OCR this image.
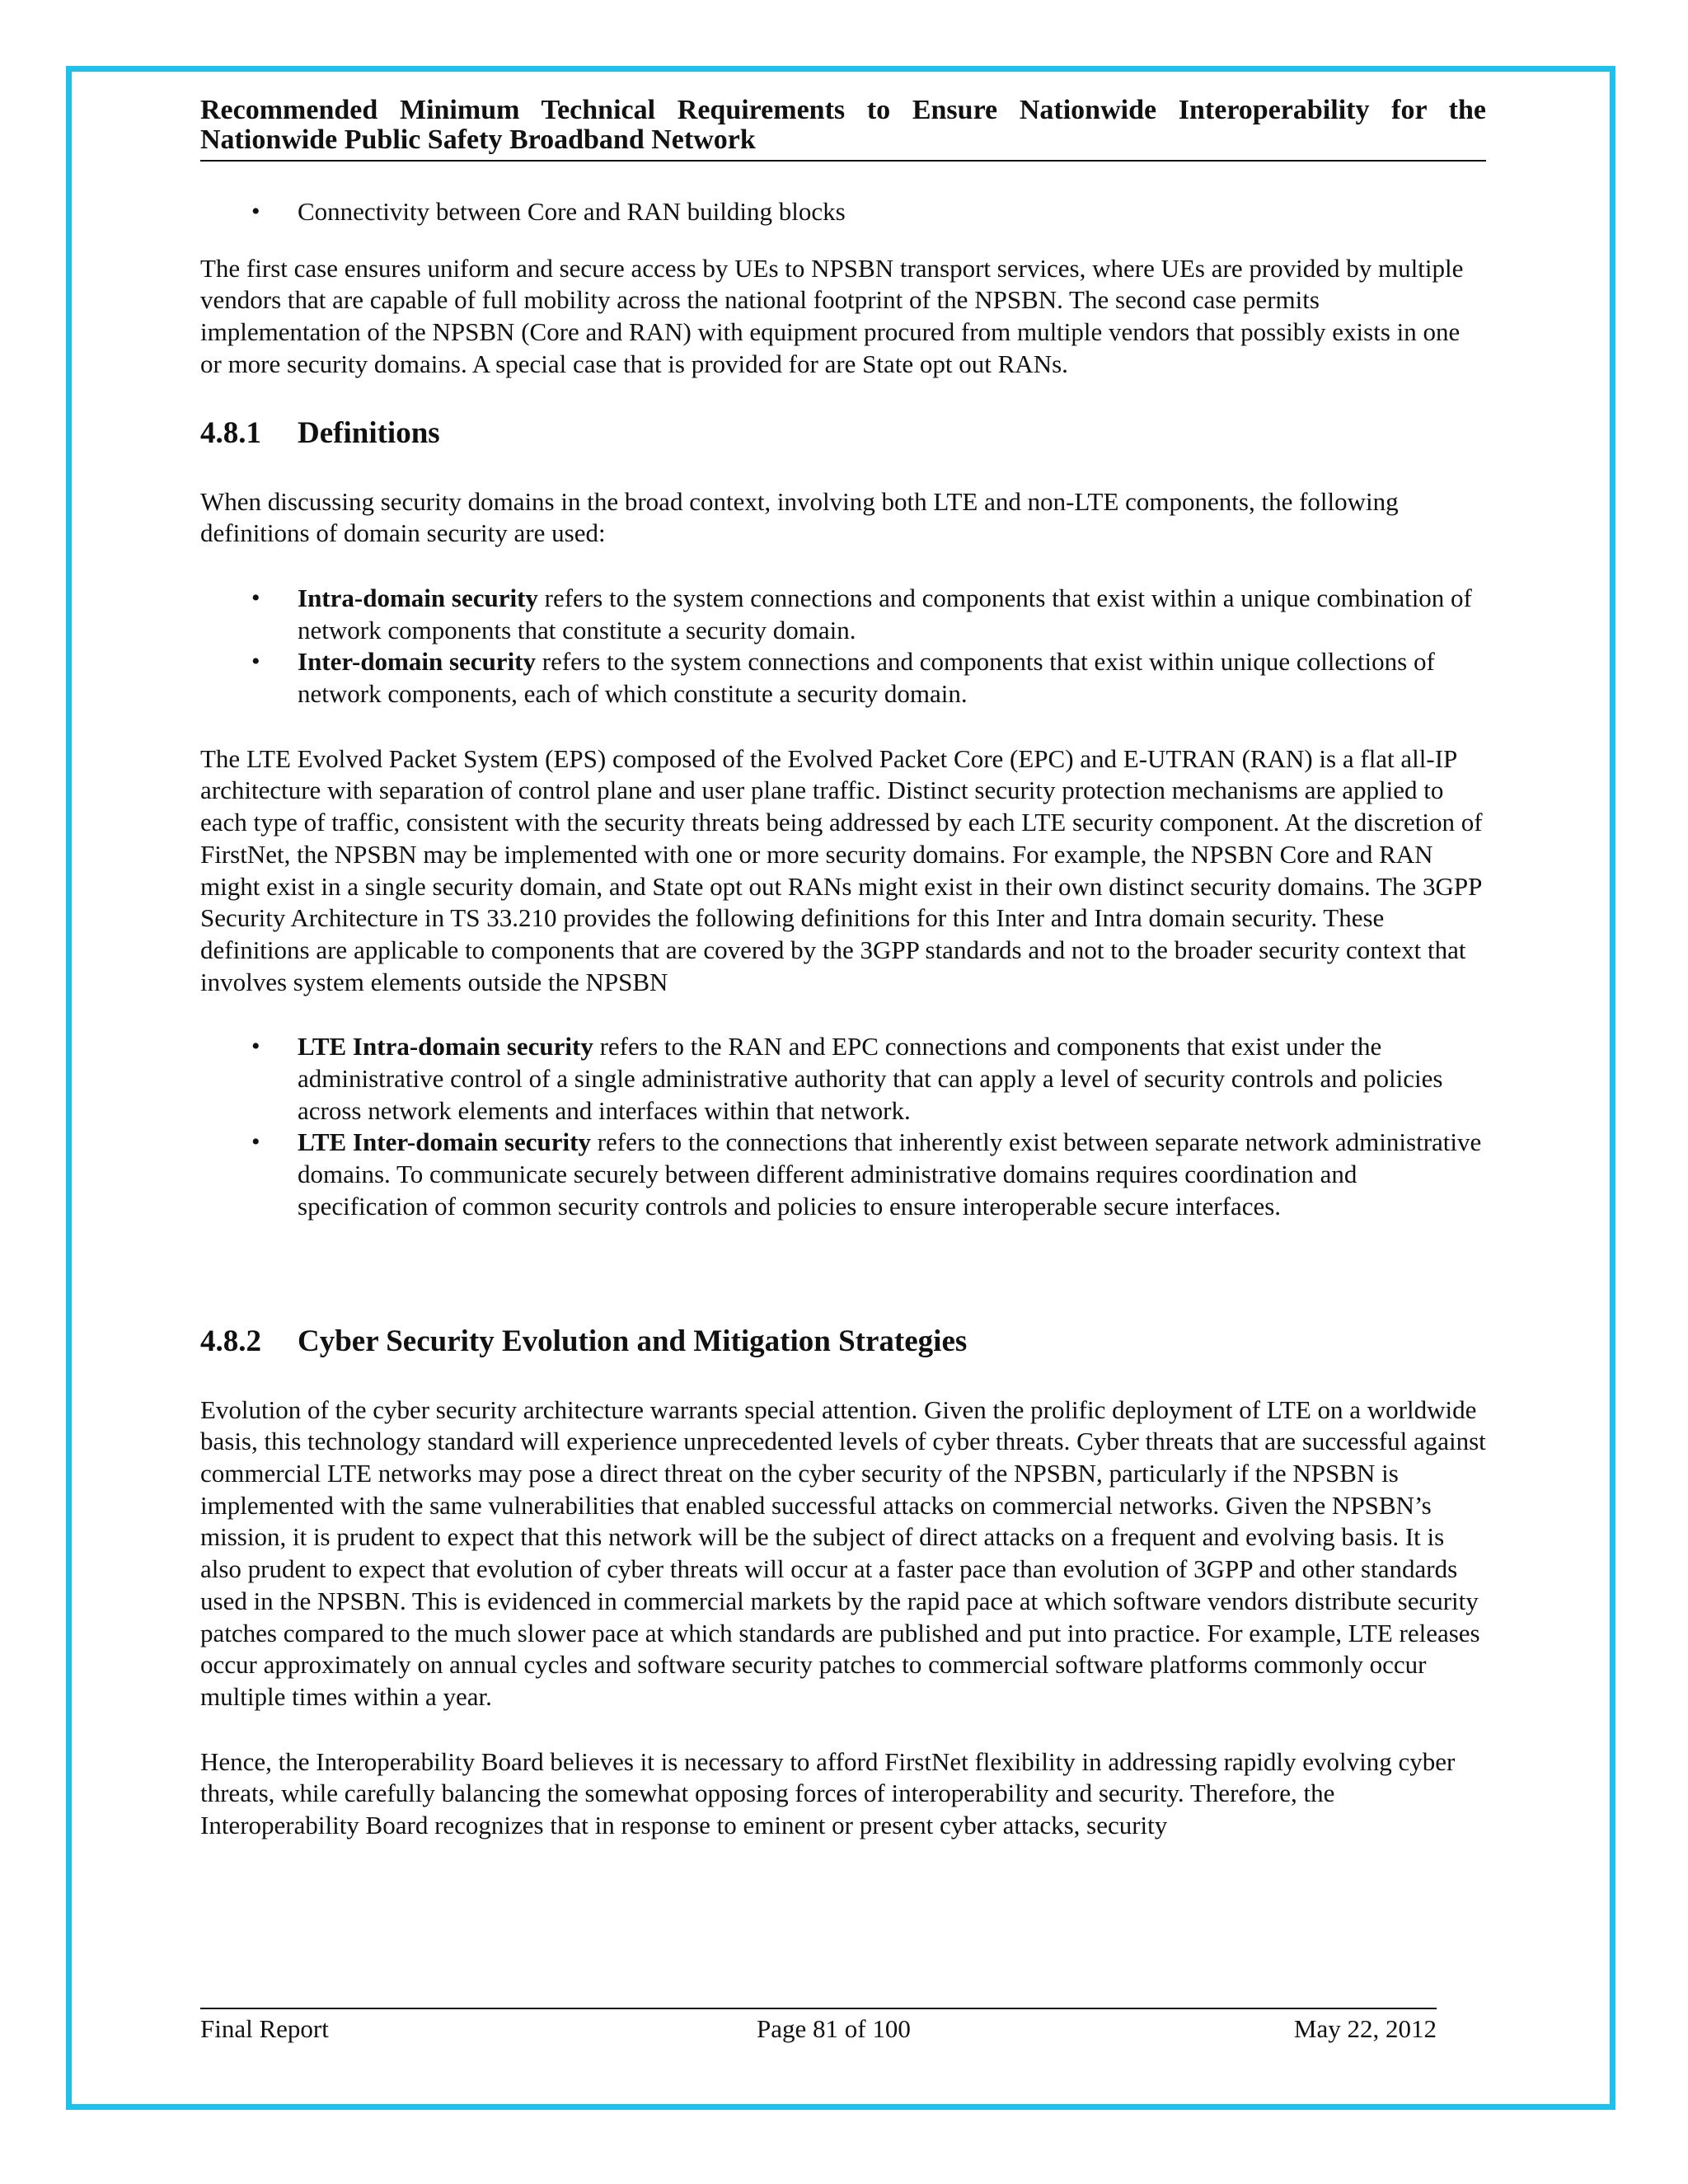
Recommended Minimum Technical Requirements to Ensure Nationwide Interoperability for the
Nationwide Public Safety Broadband Network

• Connectivity between Core and RAN building blocks

The first case ensures uniform and secure access by UEs to NPSBN transport services, where UEs are provided by multiple vendors that are capable of full mobility across the national footprint of the NPSBN. The second case permits implementation of the NPSBN (Core and RAN) with equipment procured from multiple vendors that possibly exists in one or more security domains. A special case that is provided for are State opt out RANs.

4.8.1 Definitions

When discussing security domains in the broad context, involving both LTE and non-LTE components, the following definitions of domain security are used:

• Intra-domain security refers to the system connections and components that exist within a unique combination of network components that constitute a security domain.
• Inter-domain security refers to the system connections and components that exist within unique collections of network components, each of which constitute a security domain.

The LTE Evolved Packet System (EPS) composed of the Evolved Packet Core (EPC) and E-UTRAN (RAN) is a flat all-IP architecture with separation of control plane and user plane traffic. Distinct security protection mechanisms are applied to each type of traffic, consistent with the security threats being addressed by each LTE security component. At the discretion of FirstNet, the NPSBN may be implemented with one or more security domains. For example, the NPSBN Core and RAN might exist in a single security domain, and State opt out RANs might exist in their own distinct security domains. The 3GPP Security Architecture in TS 33.210 provides the following definitions for this Inter and Intra domain security. These definitions are applicable to components that are covered by the 3GPP standards and not to the broader security context that involves system elements outside the NPSBN

• LTE Intra-domain security refers to the RAN and EPC connections and components that exist under the administrative control of a single administrative authority that can apply a level of security controls and policies across network elements and interfaces within that network.
• LTE Inter-domain security refers to the connections that inherently exist between separate network administrative domains. To communicate securely between different administrative domains requires coordination and specification of common security controls and policies to ensure interoperable secure interfaces.
4.8.2 Cyber Security Evolution and Mitigation Strategies

Evolution of the cyber security architecture warrants special attention. Given the prolific deployment of LTE on a worldwide basis, this technology standard will experience unprecedented levels of cyber threats. Cyber threats that are successful against commercial LTE networks may pose a direct threat on the cyber security of the NPSBN, particularly if the NPSBN is implemented with the same vulnerabilities that enabled successful attacks on commercial networks. Given the NPSBN’s mission, it is prudent to expect that this network will be the subject of direct attacks on a frequent and evolving basis. It is also prudent to expect that evolution of cyber threats will occur at a faster pace than evolution of 3GPP and other standards used in the NPSBN. This is evidenced in commercial markets by the rapid pace at which software vendors distribute security patches compared to the much slower pace at which standards are published and put into practice. For example, LTE releases occur approximately on annual cycles and software security patches to commercial software platforms commonly occur multiple times within a year.

Hence, the Interoperability Board believes it is necessary to afford FirstNet flexibility in addressing rapidly evolving cyber threats, while carefully balancing the somewhat opposing forces of interoperability and security. Therefore, the Interoperability Board recognizes that in response to eminent or present cyber attacks, security

Final Report	Page 81 of 100	May 22, 2012
